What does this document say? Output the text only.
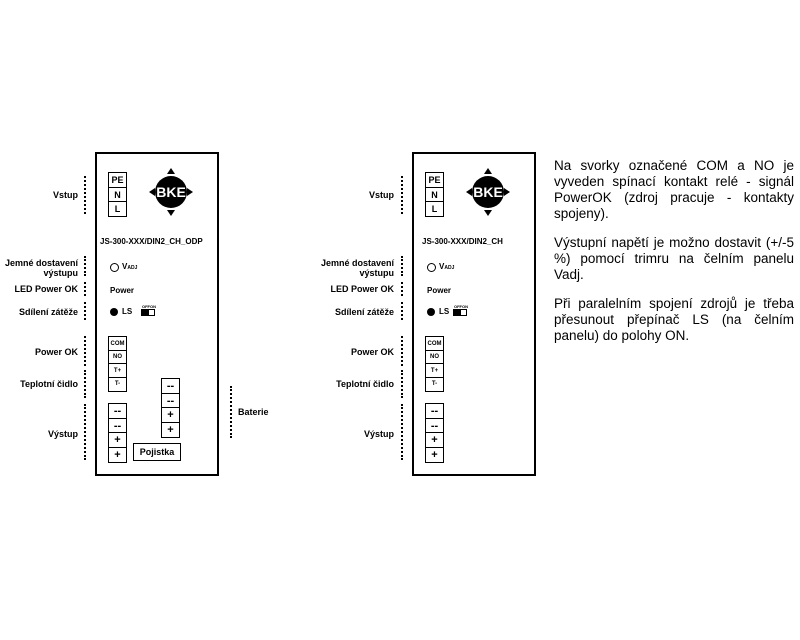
Vstup
Jemné dostavení
výstupu
LED Power OK
Sdílení zátěže
Power OK
Teplotní čidlo
Výstup
Baterie
PE
N
L
BKE
JS-300-XXX/DIN2_CH_ODP
VADJ
Power
LS
OFF ON
COM
NO
T+
T-
--
--
+
+
--
--
+
+
Pojistka
Vstup
Jemné dostavení
výstupu
LED Power OK
Sdílení zátěže
Power OK
Teplotní čidlo
Výstup
PE
N
L
BKE
JS-300-XXX/DIN2_CH
VADJ
Power
LS
OFF ON
COM
NO
T+
T-
--
--
+
+

Na svorky označené COM a NO je vyveden spínací kontakt relé - signál PowerOK (zdroj pracuje - kontakty spojeny).

Výstupní napětí je možno dostavit (+/-5 %) pomocí trimru na čelním panelu Vadj.

Při paralelním spojení zdrojů je třeba přesunout přepínač LS (na čelním panelu) do polohy ON.
